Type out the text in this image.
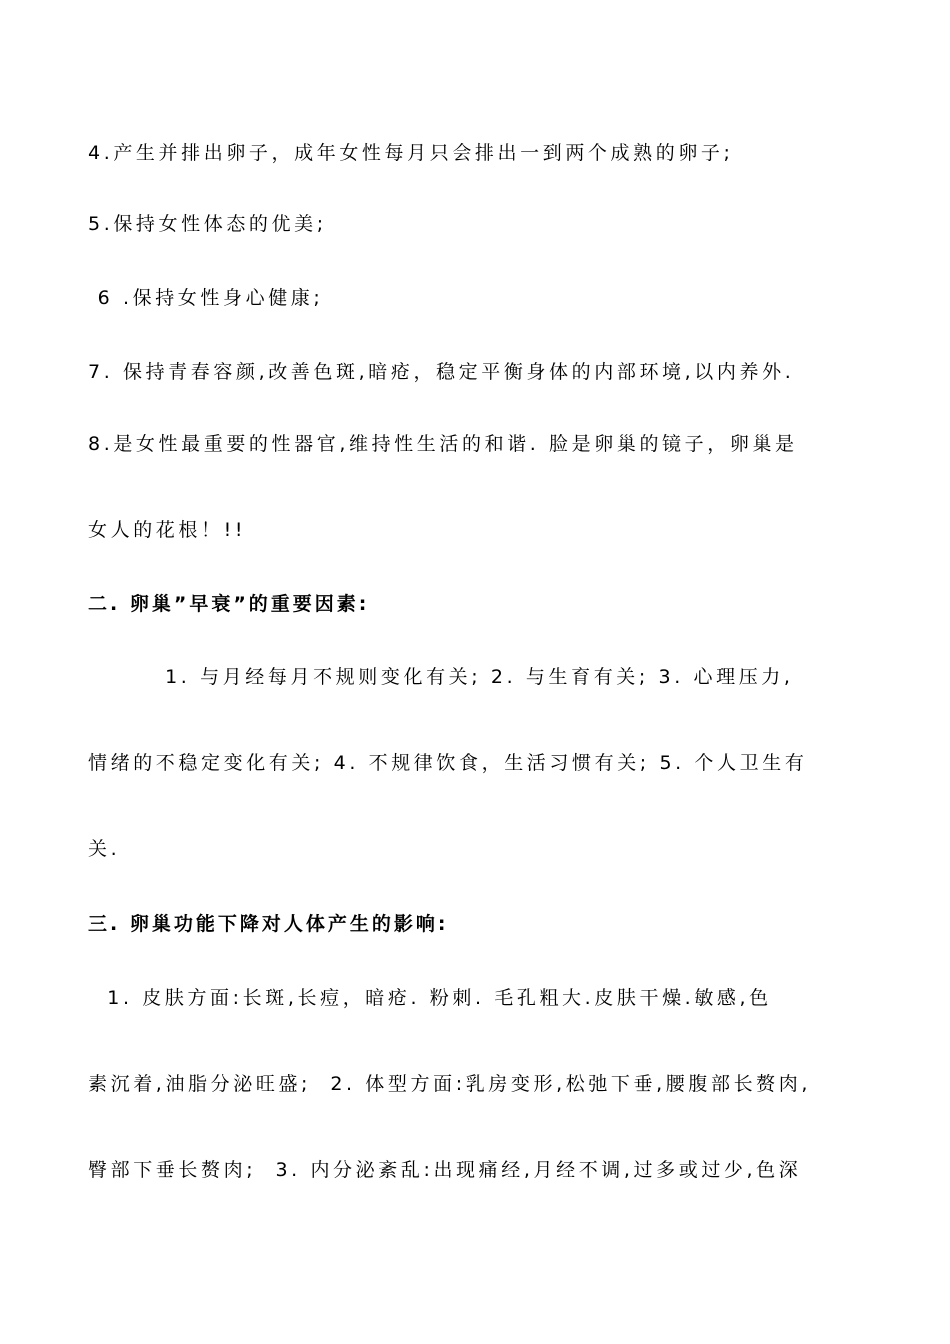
4.产生并排出卵子，成年女性每月只会排出一到两个成熟的卵子;
5.保持女性体态的优美;
6 .保持女性身心健康;
7. 保持青春容颜,改善色斑,暗疮，稳定平衡身体的内部环境,以内养外.
8.是女性最重要的性器官,维持性生活的和谐. 脸是卵巢的镜子，卵巢是
女人的花根！!!
二. 卵巢”早衰”的重要因素:
1. 与月经每月不规则变化有关; 2. 与生育有关; 3. 心理压力,
情绪的不稳定变化有关; 4. 不规律饮食，生活习惯有关; 5. 个人卫生有
关.
三. 卵巢功能下降对人体产生的影响:
1. 皮肤方面:长斑,长痘，暗疮. 粉刺. 毛孔粗大.皮肤干燥.敏感,色
素沉着,油脂分泌旺盛;  2. 体型方面:乳房变形,松弛下垂,腰腹部长赘肉,
臀部下垂长赘肉;  3. 内分泌紊乱:出现痛经,月经不调,过多或过少,色深
